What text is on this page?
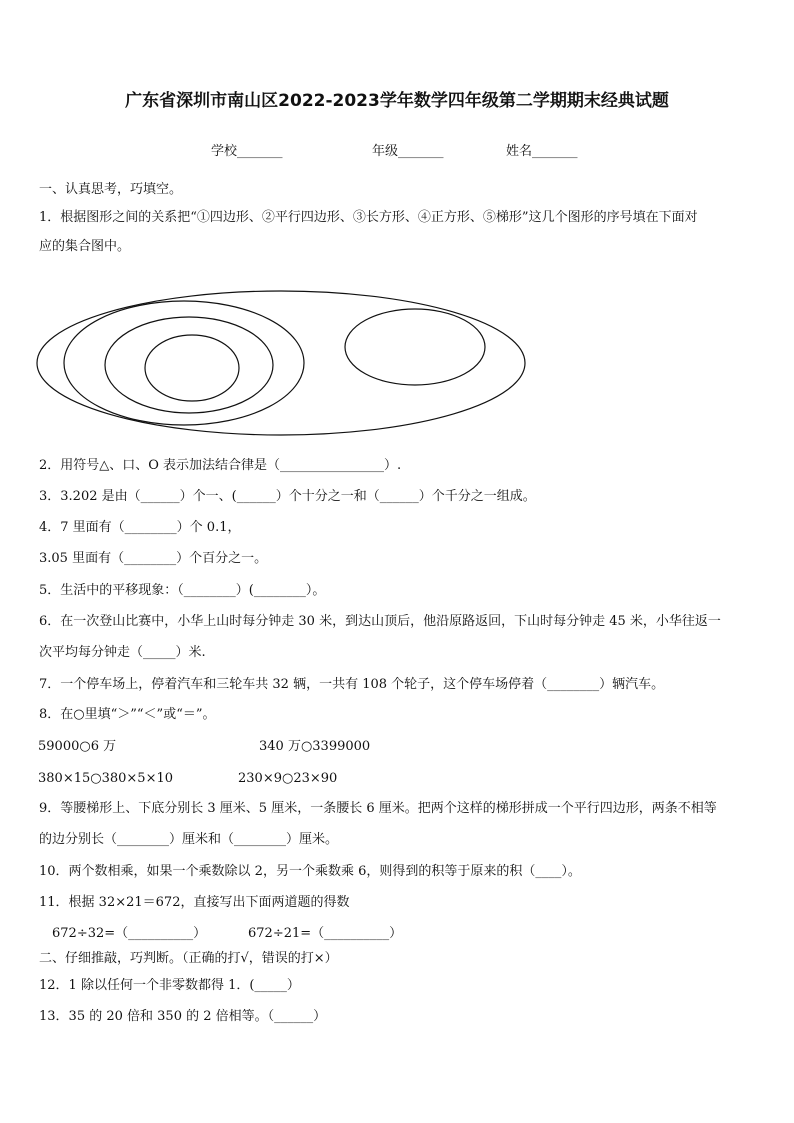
广东省深圳市南山区2022-2023学年数学四年级第二学期期末经典试题
学校_______	年级_______	姓名_______
一、认真思考，巧填空。
1．根据图形之间的关系把“①四边形、②平行四边形、③长方形、④正方形、⑤梯形”这几个图形的序号填在下面对
应的集合图中。
2．用符号△、口、O 表示加法结合律是（________________）.
3．3.202 是由（______）个一、(______）个十分之一和（______）个千分之一组成。
4．7 里面有（________）个 0.1，
3.05 里面有（________）个百分之一。
5．生活中的平移现象：（________）(________）。
6．在一次登山比赛中，小华上山时每分钟走 30 米，到达山顶后，他沿原路返回，下山时每分钟走 45 米，小华往返一
次平均每分钟走（_____）米.
7．一个停车场上，停着汽车和三轮车共 32 辆，一共有 108 个轮子，这个停车场停着（________）辆汽车。
8．在○里填“＞”“＜”或“＝”。
59000○6 万	340 万○3399000
380×15○380×5×10	230×9○23×90
9．等腰梯形上、下底分别长 3 厘米、5 厘米，一条腰长 6 厘米。把两个这样的梯形拼成一个平行四边形，两条不相等
的边分别长（________）厘米和（________）厘米。
10．两个数相乘，如果一个乘数除以 2，另一个乘数乘 6，则得到的积等于原来的积（____）。
11．根据 32×21＝672，直接写出下面两道题的得数
672÷32=（__________）	672÷21=（__________）
二、仔细推敲，巧判断。（正确的打√，错误的打×）
12．1 除以任何一个非零数都得 1．(_____）
13．35 的 20 倍和 350 的 2 倍相等。（______）
